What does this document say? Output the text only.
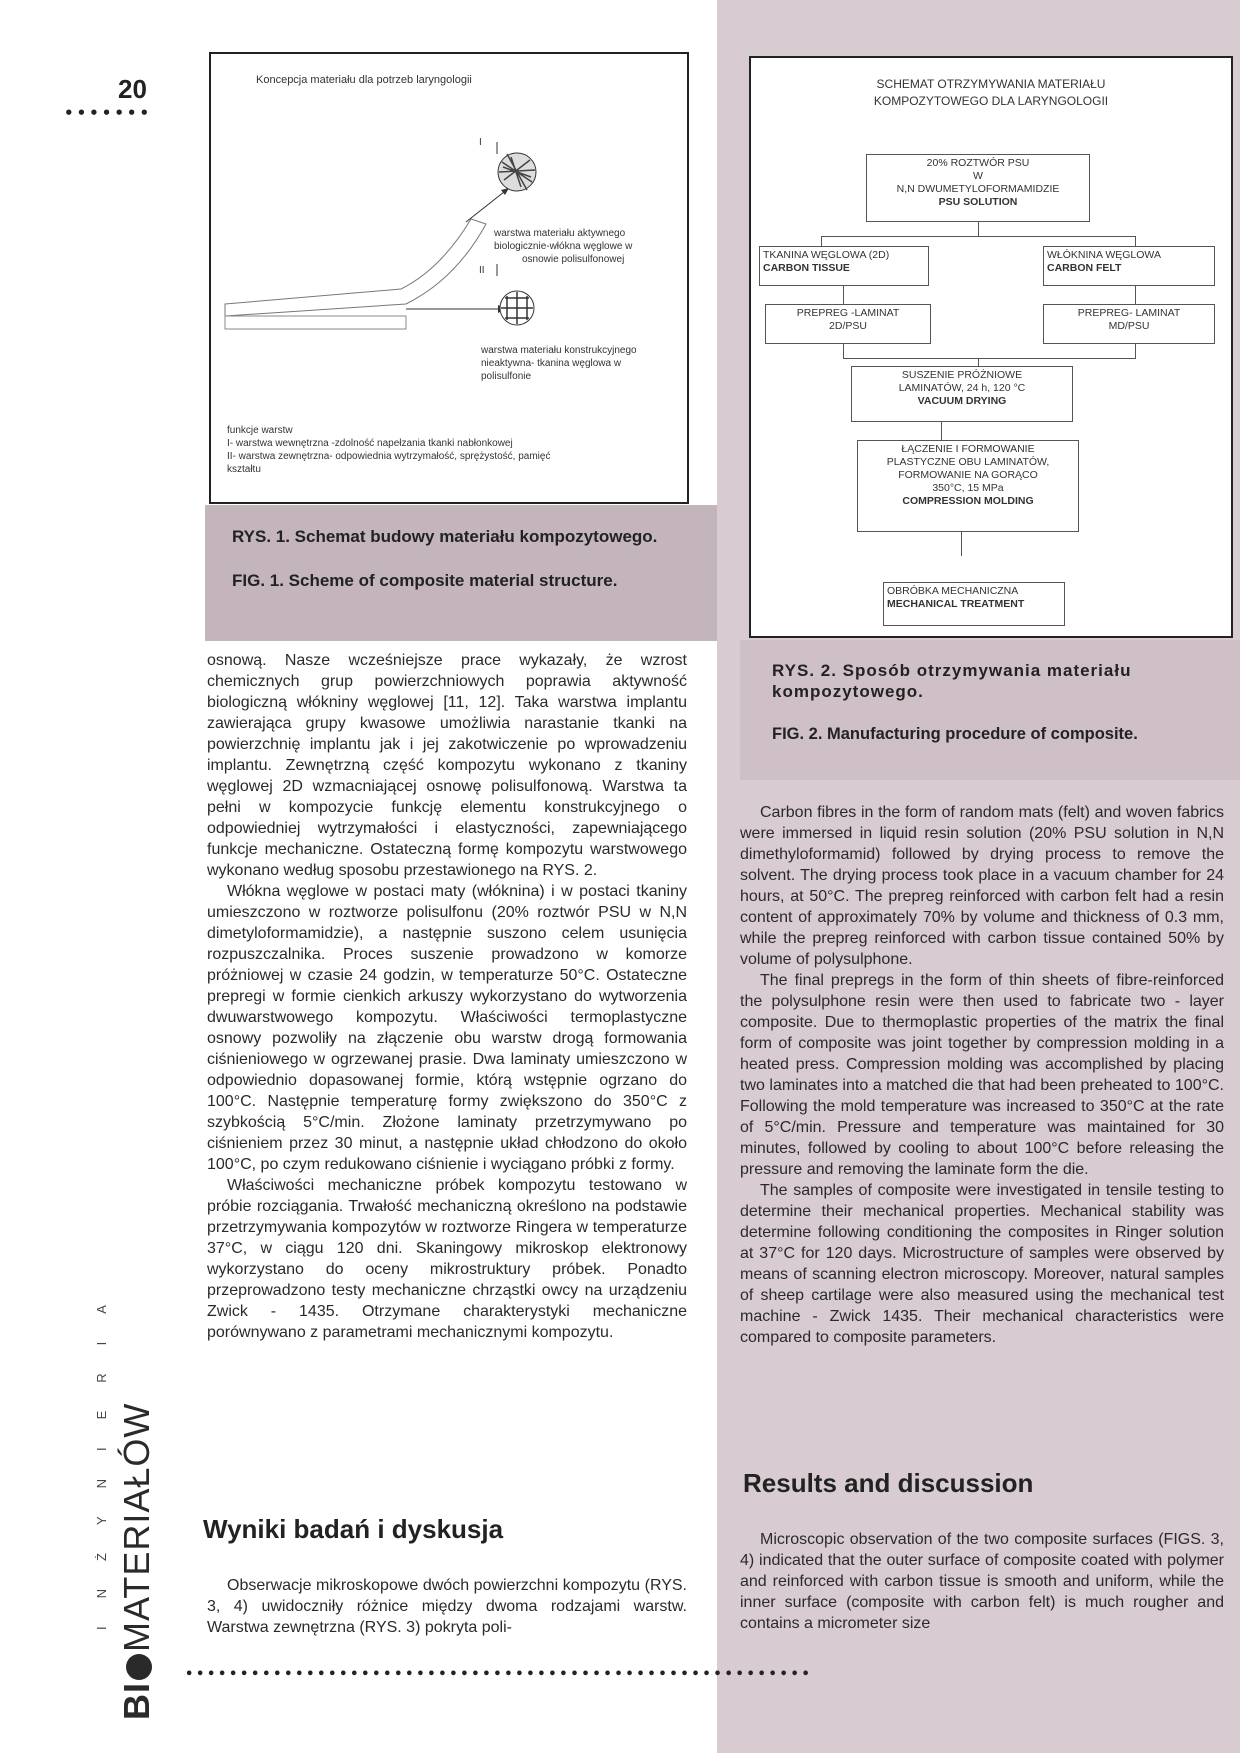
20
•••••••
Koncepcja materiału dla potrzeb laryngologii
I
warstwa materiału aktywnego
biologicznie-włókna węglowe w
osnowie polisulfonowej
II
warstwa materiału konstrukcyjnego
nieaktywna- tkanina węglowa w
polisulfonie
funkcje warstw
I- warstwa wewnętrzna -zdolność napełzania tkanki nabłonkowej
II- warstwa zewnętrzna- odpowiednia wytrzymałość, sprężystość, pamięć
kształtu
RYS. 1. Schemat budowy materiału kompozytowego.
FIG. 1. Scheme of composite material structure.
SCHEMAT OTRZYMYWANIA MATERIAŁU
KOMPOZYTOWEGO DLA LARYNGOLOGII
20% ROZTWÓR PSU
W
N,N DWUMETYLOFORMAMIDZIE
PSU SOLUTION
TKANINA WĘGLOWA (2D)
CARBON TISSUE
WŁÓKNINA WĘGLOWA
CARBON FELT
PREPREG -LAMINAT
2D/PSU
PREPREG- LAMINAT
MD/PSU
SUSZENIE PRÓŻNIOWE
LAMINATÓW, 24 h, 120 °C
VACUUM DRYING
ŁĄCZENIE I FORMOWANIE
PLASTYCZNE OBU LAMINATÓW,
FORMOWANIE NA GORĄCO
350°C, 15 MPa
COMPRESSION MOLDING
OBRÓBKA MECHANICZNA
MECHANICAL TREATMENT
RYS. 2. Sposób otrzymywania materiału kompozytowego.
FIG. 2. Manufacturing procedure of composite.

osnową. Nasze wcześniejsze prace wykazały, że wzrost chemicznych grup powierzchniowych poprawia aktywność biologiczną włókniny węglowej [11, 12]. Taka warstwa implantu zawierająca grupy kwasowe umożliwia narastanie tkanki na powierzchnię implantu jak i jej zakotwiczenie po wprowadzeniu implantu. Zewnętrzną część kompozytu wykonano z tkaniny węglowej 2D wzmacniającej osnowę polisulfonową. Warstwa ta pełni w kompozycie funkcję elementu konstrukcyjnego o odpowiedniej wytrzymałości i elastyczności, zapewniającego funkcje mechaniczne. Ostateczną formę kompozytu warstwowego wykonano według sposobu przestawionego na RYS. 2.

Włókna węglowe w postaci maty (włóknina) i w postaci tkaniny umieszczono w roztworze polisulfonu (20% roztwór PSU w N,N dimetyloformamidzie), a następnie suszono celem usunięcia rozpuszczalnika. Proces suszenie prowadzono w komorze próżniowej w czasie 24 godzin, w temperaturze 50°C. Ostateczne prepregi w formie cienkich arkuszy wykorzystano do wytworzenia dwuwarstwowego kompozytu. Właściwości termoplastyczne osnowy pozwoliły na złączenie obu warstw drogą formowania ciśnieniowego w ogrzewanej prasie. Dwa laminaty umieszczono w odpowiednio dopasowanej formie, którą wstępnie ogrzano do 100°C. Następnie temperaturę formy zwiększono do 350°C z szybkością 5°C/min. Złożone laminaty przetrzymywano po ciśnieniem przez 30 minut, a następnie układ chłodzono do około 100°C, po czym redukowano ciśnienie i wyciągano próbki z formy.

Właściwości mechaniczne próbek kompozytu testowano w próbie rozciągania. Trwałość mechaniczną określono na podstawie przetrzymywania kompozytów w roztworze Ringera w temperaturze 37°C, w ciągu 120 dni. Skaningowy mikroskop elektronowy wykorzystano do oceny mikrostruktury próbek. Ponadto przeprowadzono testy mechaniczne chrząstki owcy na urządzeniu Zwick - 1435. Otrzymane charakterystyki mechaniczne porównywano z parametrami mechanicznymi kompozytu.

Wyniki badań i dyskusja

Obserwacje mikroskopowe dwóch powierzchni kompozytu (RYS. 3, 4) uwidoczniły różnice między dwoma rodzajami warstw. Warstwa zewnętrzna (RYS. 3) pokryta poli-

Carbon fibres in the form of random mats (felt) and woven fabrics were immersed in liquid resin solution (20% PSU solution in N,N dimethyloformamid) followed by drying process to remove the solvent. The drying process took place in a vacuum chamber for 24 hours, at 50°C. The prepreg reinforced with carbon felt had a resin content of approximately 70% by volume and thickness of 0.3 mm, while the prepreg reinforced with carbon tissue contained 50% by volume of polysulphone.

The final prepregs in the form of thin sheets of fibre-reinforced the polysulphone resin were then used to fabricate two - layer composite. Due to thermoplastic properties of the matrix the final form of composite was joint together by compression molding in a heated press. Compression molding was accomplished by placing two laminates into a matched die that had been preheated to 100°C. Following the mold temperature was increased to 350°C at the rate of 5°C/min. Pressure and temperature was maintained for 30 minutes, followed by cooling to about 100°C before releasing the pressure and removing the laminate form the die.

The samples of composite were investigated in tensile testing to determine their mechanical properties. Mechanical stability was determine following conditioning the composites in Ringer solution at 37°C for 120 days. Microstructure of samples were observed by means of scanning electron microscopy. Moreover, natural samples of sheep cartilage were also measured using the mechanical test machine - Zwick 1435. Their mechanical characteristics were compared to composite parameters.

Results and discussion

Microscopic observation of the two composite surfaces (FIGS. 3, 4) indicated that the outer surface of composite coated with polymer and reinforced with carbon tissue is smooth and uniform, while the inner surface (composite with carbon felt) is much rougher and contains a micrometer size

INŻYNIERIA
BIMATERIAŁÓW
•••••••••••••••••••••••••••••••••••••••••••••••••••••••••
